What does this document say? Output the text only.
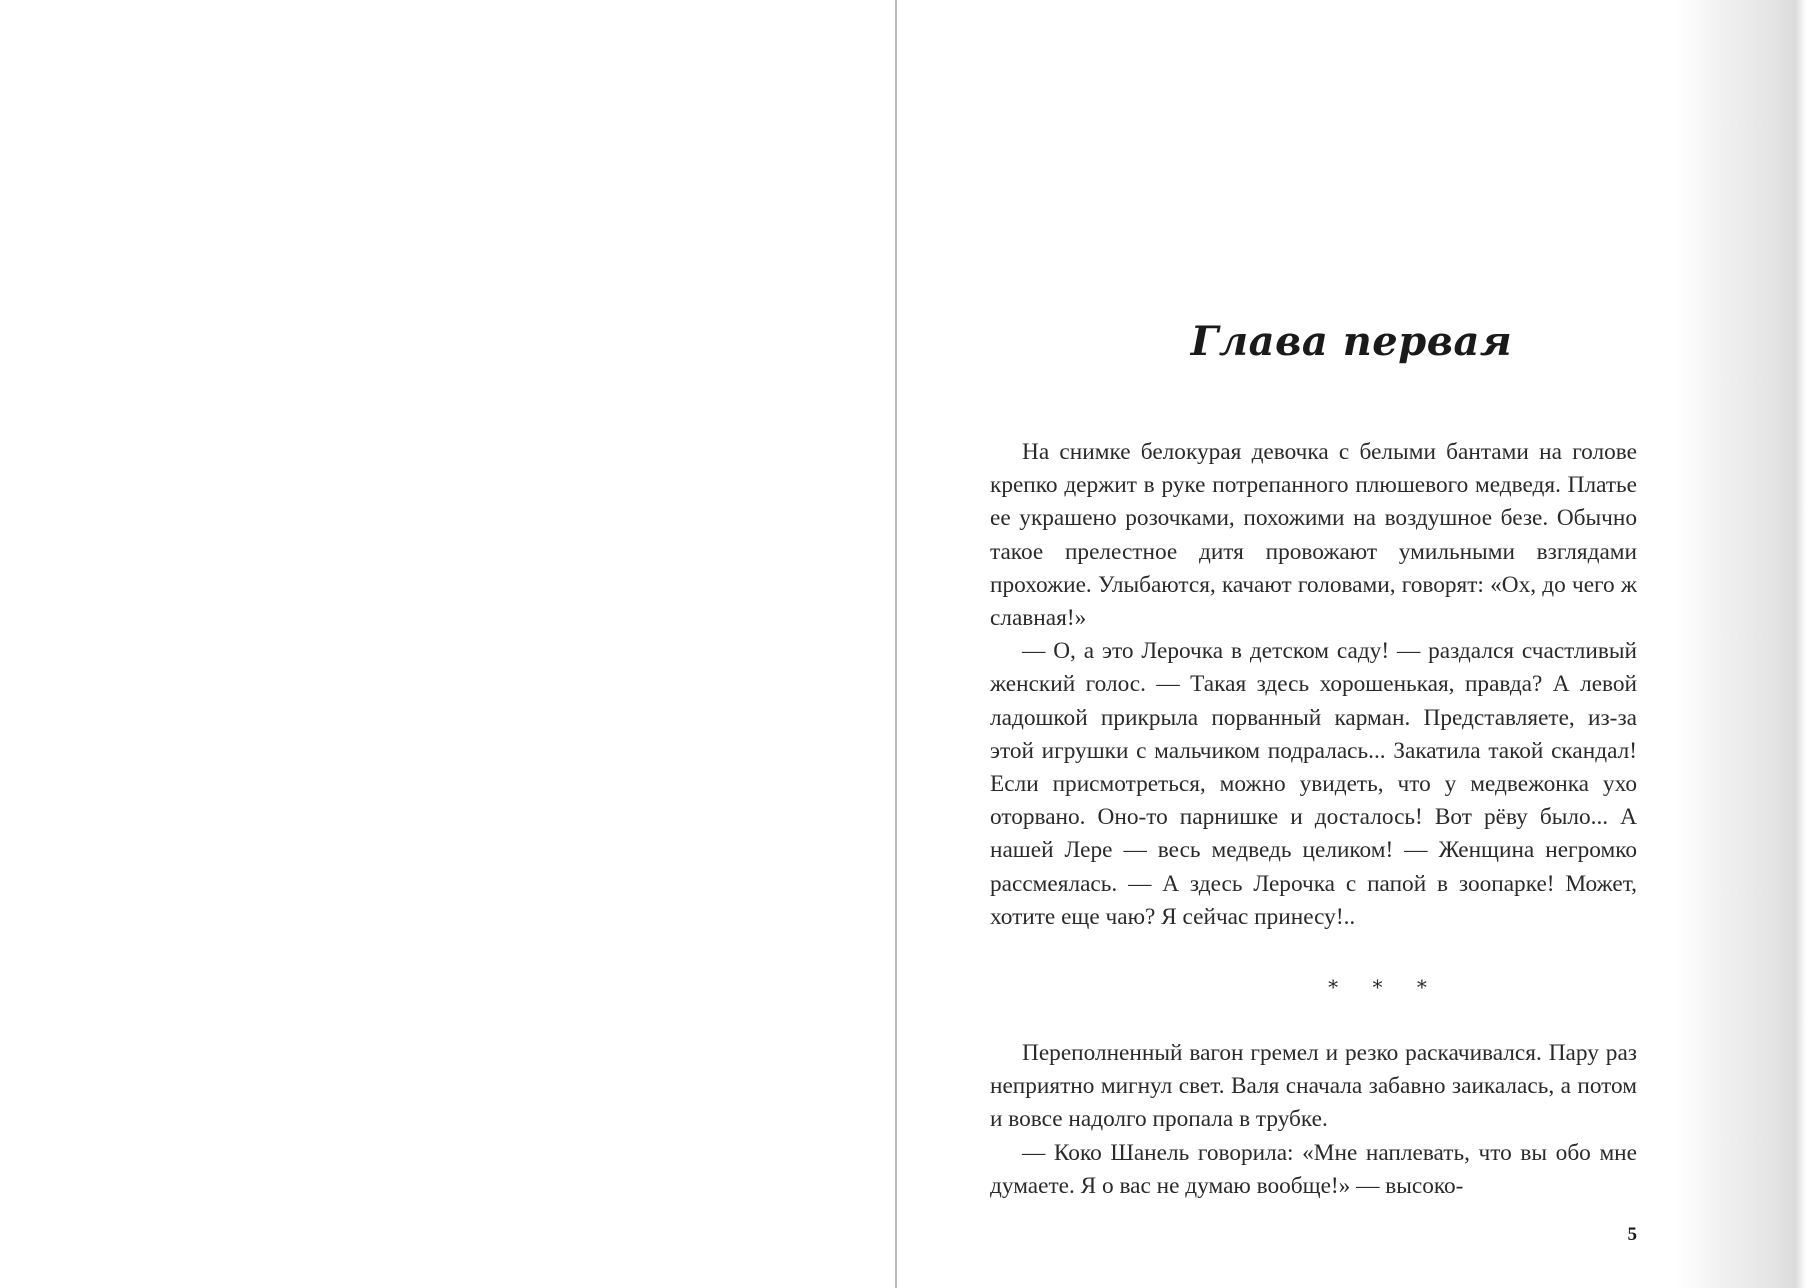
Глава первая

На снимке белокурая девочка с белыми бантами на голове крепко держит в руке потрепанного плюшевого медведя. Платье ее украшено розочками, похожими на воздушное безе. Обычно такое прелестное дитя провожают умильными взглядами прохожие. Улыбаются, качают головами, говорят: «Ох, до чего ж славная!»

— О, а это Лерочка в детском саду! — раздался счастливый женский голос. — Такая здесь хорошенькая, правда? А левой ладошкой прикрыла порванный карман. Представляете, из-за этой игрушки с мальчиком подралась... Закатила такой скандал! Если присмотреться, можно увидеть, что у медвежонка ухо оторвано. Оно-то парнишке и досталось! Вот рёву было... А нашей Лере — весь медведь целиком! — Женщина негромко рассмеялась. — А здесь Лерочка с папой в зоопарке! Может, хотите еще чаю? Я сейчас принесу!..

* * *

Переполненный вагон гремел и резко раскачивался. Пару раз неприятно мигнул свет. Валя сначала забавно заикалась, а потом и вовсе надолго пропала в трубке.

— Коко Шанель говорила: «Мне наплевать, что вы обо мне думаете. Я о вас не думаю вообще!» — высоко-

5
